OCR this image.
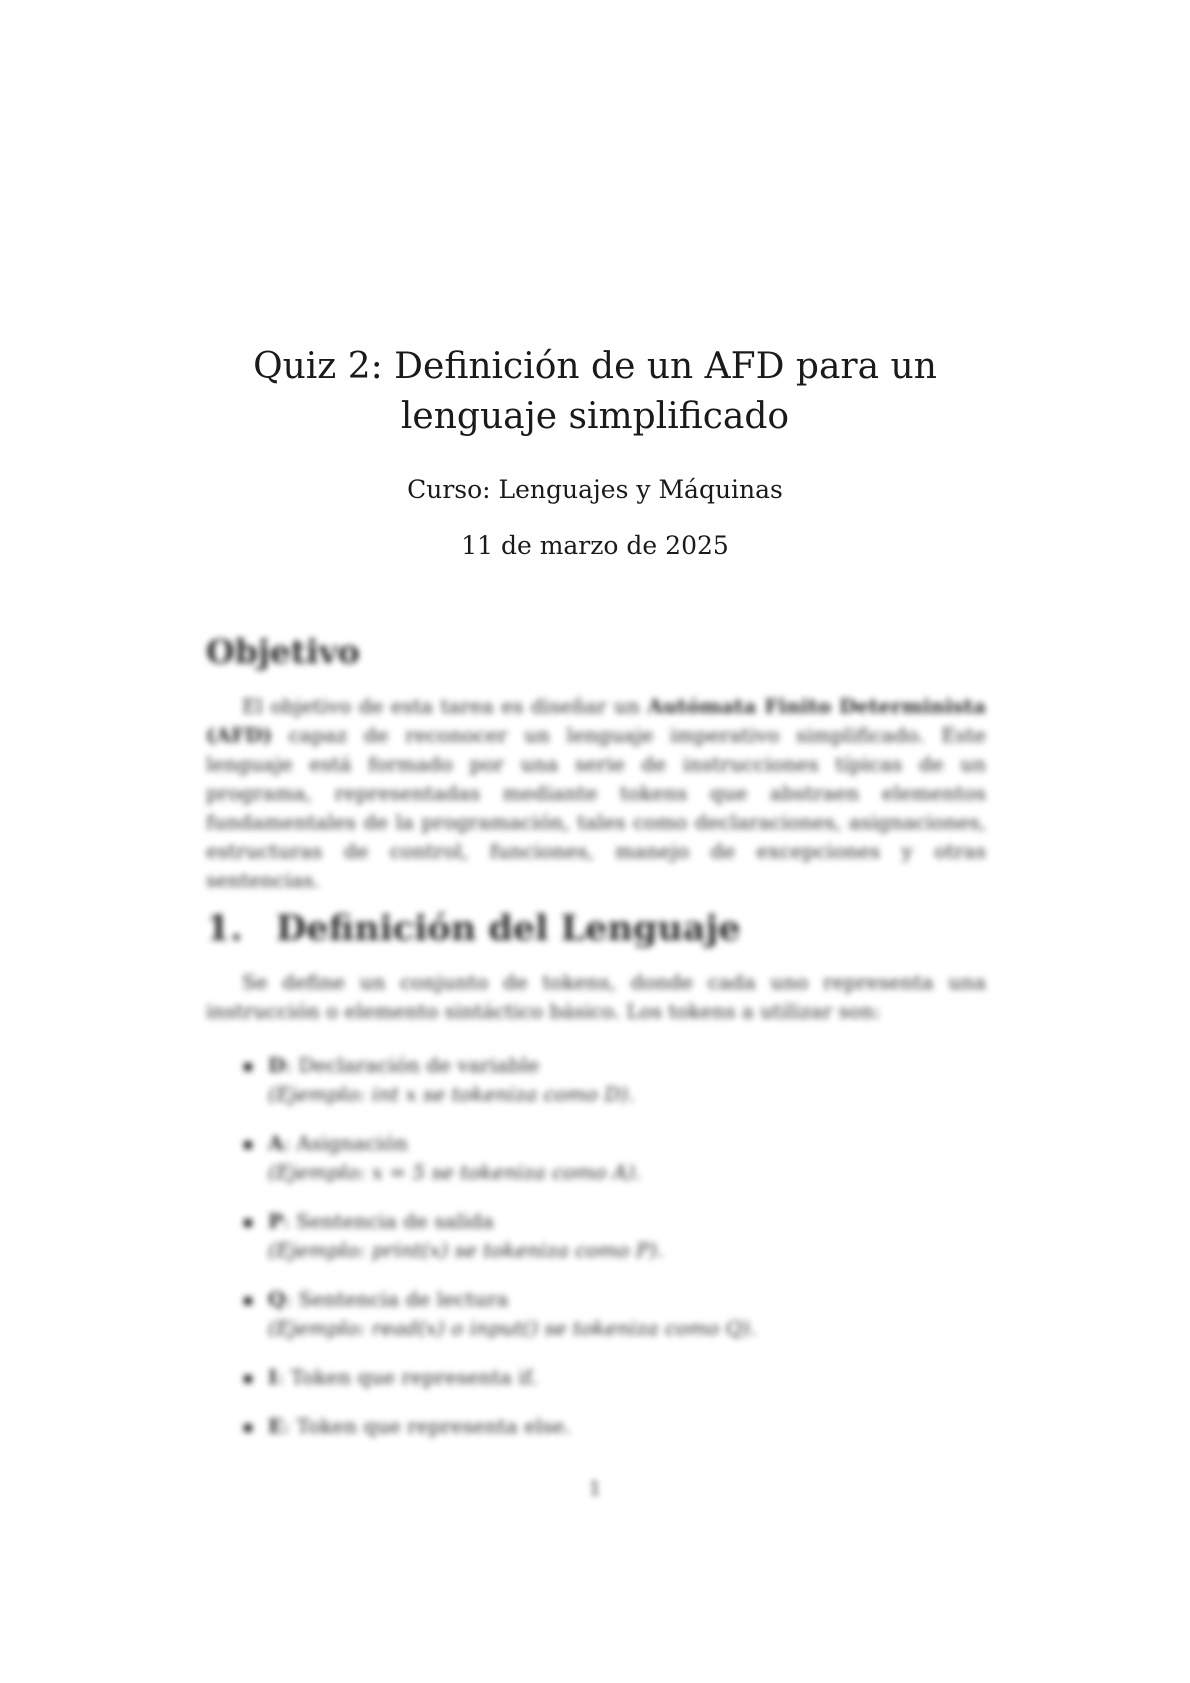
Quiz 2: Definición de un AFD para un
lenguaje simplificado
Curso: Lenguajes y Máquinas
11 de marzo de 2025
Objetivo

El objetivo de esta tarea es diseñar un Autómata Finito Determinista (AFD) capaz de reconocer un lenguaje imperativo simplificado. Este lenguaje está formado por una serie de instrucciones típicas de un programa, representadas mediante tokens que abstraen elementos fundamentales de la programación, tales como declaraciones, asignaciones, estructuras de control, funciones, manejo de excepciones y otras sentencias.

1. Definición del Lenguaje

Se define un conjunto de tokens, donde cada uno representa una instrucción o elemento sintáctico básico. Los tokens a utilizar son:

D: Declaración de variable
(Ejemplo: int x se tokeniza como D).
A: Asignación
(Ejemplo: x = 5 se tokeniza como A).
P: Sentencia de salida
(Ejemplo: print(x) se tokeniza como P).
Q: Sentencia de lectura
(Ejemplo: read(x) o input() se tokeniza como Q).
I: Token que representa if.
E: Token que representa else.
1
